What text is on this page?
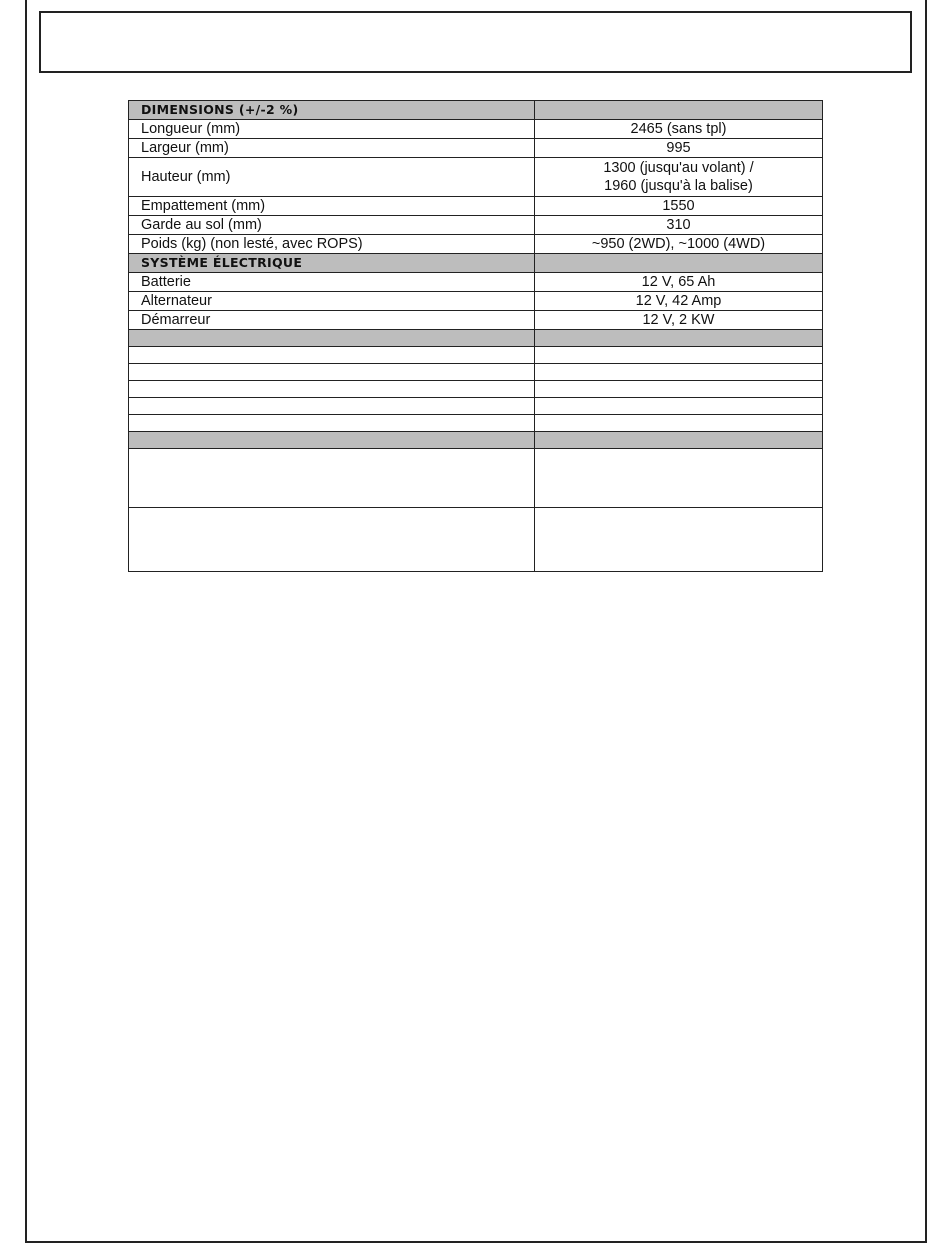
DIMENSIONS (+/-2 %)	
Longueur (mm)	2465 (sans tpl)
Largeur (mm)	995
Hauteur (mm)	1300 (jusqu'au volant) /
1960 (jusqu'à la balise)

Empattement (mm)	1550
Garde au sol (mm)	310
Poids (kg) (non lesté, avec ROPS)	~950 (2WD), ~1000 (4WD)
SYSTÈME ÉLECTRIQUE	
Batterie	12 V, 65 Ah
Alternateur	12 V, 42 Amp
Démarreur	12 V, 2 KW
